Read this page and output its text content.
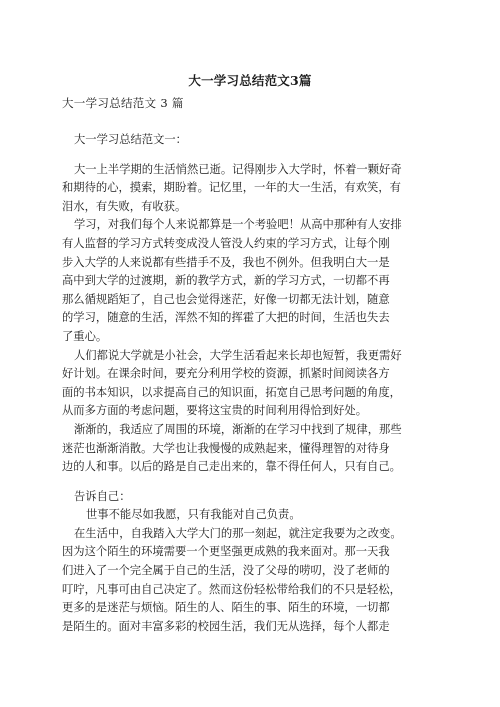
大一学习总结范文3篇
大一学习总结范文 3 篇

大一学习总结范文一：

大一上半学期的生活悄然已逝。记得刚步入大学时，怀着一颗好奇
和期待的心，摸索，期盼着。记忆里，一年的大一生活，有欢笑，有
泪水，有失败，有收获。

学习，对我们每个人来说都算是一个考验吧！从高中那种有人安排
有人监督的学习方式转变成没人管没人约束的学习方式，让每个刚
步入大学的人来说都有些措手不及，我也不例外。但我明白大一是
高中到大学的过渡期，新的教学方式，新的学习方式，一切都不再
那么循规蹈矩了，自己也会觉得迷茫，好像一切都无法计划，随意
的学习，随意的生活，浑然不知的挥霍了大把的时间，生活也失去
了重心。

人们都说大学就是小社会，大学生活看起来长却也短暂，我更需好
好计划。在课余时间，要充分利用学校的资源，抓紧时间阅读各方
面的书本知识，以求提高自己的知识面，拓宽自己思考问题的角度，
从而多方面的考虑问题，要将这宝贵的时间利用得恰到好处。

渐渐的，我适应了周围的环境，渐渐的在学习中找到了规律，那些
迷茫也渐渐消散。大学也让我慢慢的成熟起来，懂得理智的对待身
边的人和事。以后的路是自己走出来的，靠不得任何人，只有自己。

告诉自己：

世事不能尽如我愿，只有我能对自己负责。

在生活中，自我踏入大学大门的那一刻起，就注定我要为之改变。
因为这个陌生的环境需要一个更坚强更成熟的我来面对。那一天我
们进入了一个完全属于自己的生活，没了父母的唠叨，没了老师的
叮咛，凡事可由自己决定了。然而这份轻松带给我们的不只是轻松，
更多的是迷茫与烦恼。陌生的人、陌生的事、陌生的环境，一切都
是陌生的。面对丰富多彩的校园生活，我们无从选择，每个人都走
